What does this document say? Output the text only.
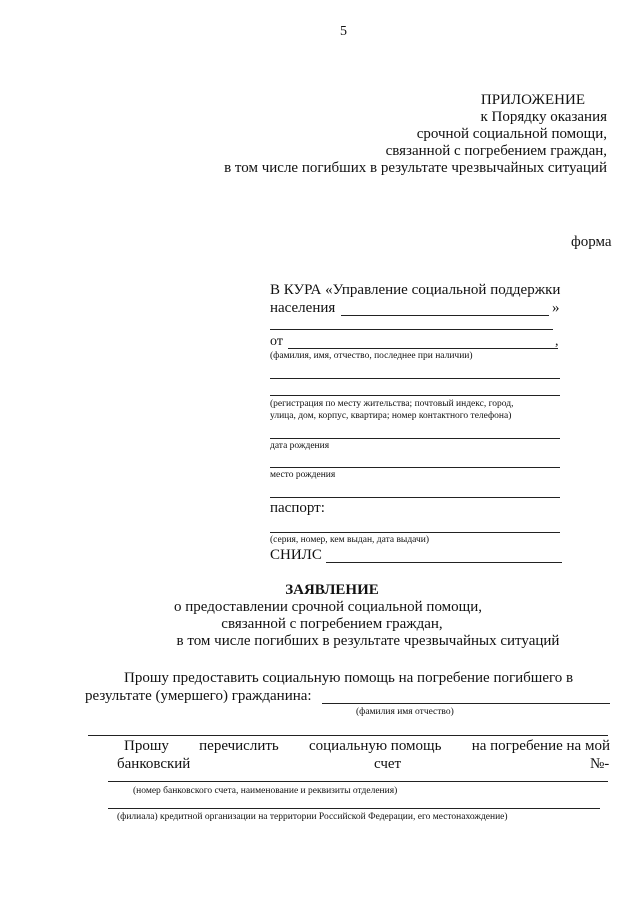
5
ПРИЛОЖЕНИЕ
к Порядку оказания
срочной социальной помощи,
связанной с погребением граждан,
в том числе погибших в результате чрезвычайных ситуаций
форма
В КУРА «Управление социальной поддержки
населения	»
от	,
(фамилия, имя, отчество, последнее при наличии)
(регистрация по месту жительства; почтовый индекс, город,
улица, дом, корпус, квартира; номер контактного телефона)
дата рождения
место рождения
паспорт:
(серия, номер, кем выдан, дата выдачи)
СНИЛС
ЗАЯВЛЕНИЕ
о предоставлении срочной социальной помощи,
связанной с погребением граждан,
в том числе погибших в результате чрезвычайных ситуаций
Прошу предоставить социальную помощь на погребение погибшего в
результате (умершего) гражданина:
(фамилия имя отчество)
Прошу перечислить социальную помощь на погребение на мой
банковский	счет	№-
(номер банковского счета, наименование и реквизиты отделения)
(филиала) кредитной организации на территории Российской Федерации, его местонахождение)
